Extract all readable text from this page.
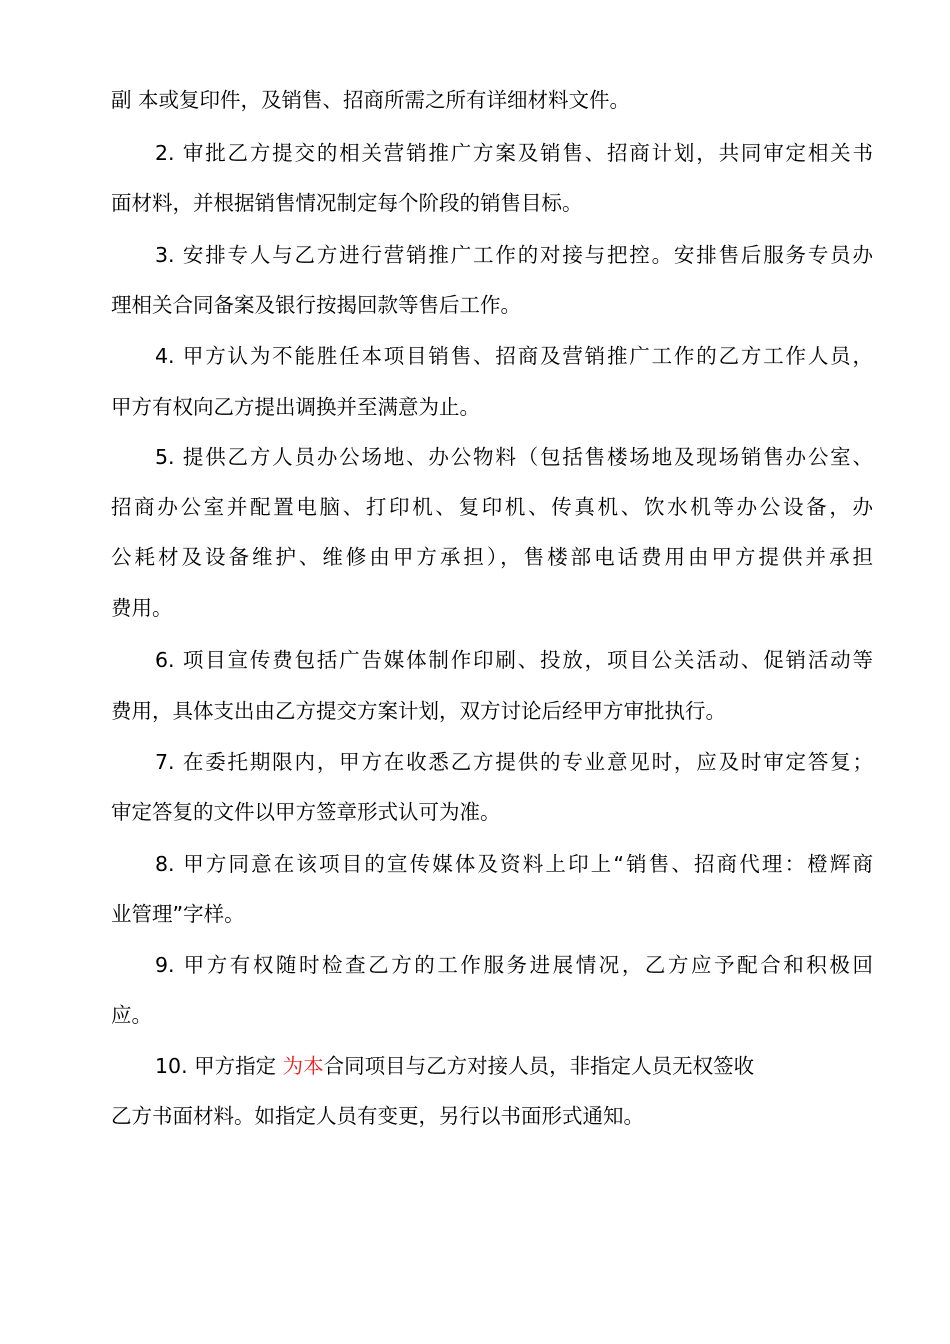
副 本或复印件，及销售、招商所需之所有详细材料文件。
2. 审批乙方提交的相关营销推广方案及销售、招商计划，共同审定相关书
面材料，并根据销售情况制定每个阶段的销售目标。
3. 安排专人与乙方进行营销推广工作的对接与把控。安排售后服务专员办
理相关合同备案及银行按揭回款等售后工作。
4. 甲方认为不能胜任本项目销售、招商及营销推广工作的乙方工作人员，
甲方有权向乙方提出调换并至满意为止。
5. 提供乙方人员办公场地、办公物料（包括售楼场地及现场销售办公室、
招商办公室并配置电脑、打印机、复印机、传真机、饮水机等办公设备，办
公耗材及设备维护、维修由甲方承担），售楼部电话费用由甲方提供并承担
费用。
6. 项目宣传费包括广告媒体制作印刷、投放，项目公关活动、促销活动等
费用，具体支出由乙方提交方案计划，双方讨论后经甲方审批执行。
7. 在委托期限内，甲方在收悉乙方提供的专业意见时，应及时审定答复；
审定答复的文件以甲方签章形式认可为准。
8. 甲方同意在该项目的宣传媒体及资料上印上“销售、招商代理：橙辉商
业管理”字样。
9. 甲方有权随时检查乙方的工作服务进展情况，乙方应予配合和积极回
应。
10. 甲方指定 为本合同项目与乙方对接人员，非指定人员无权签收
乙方书面材料。如指定人员有变更，另行以书面形式通知。
